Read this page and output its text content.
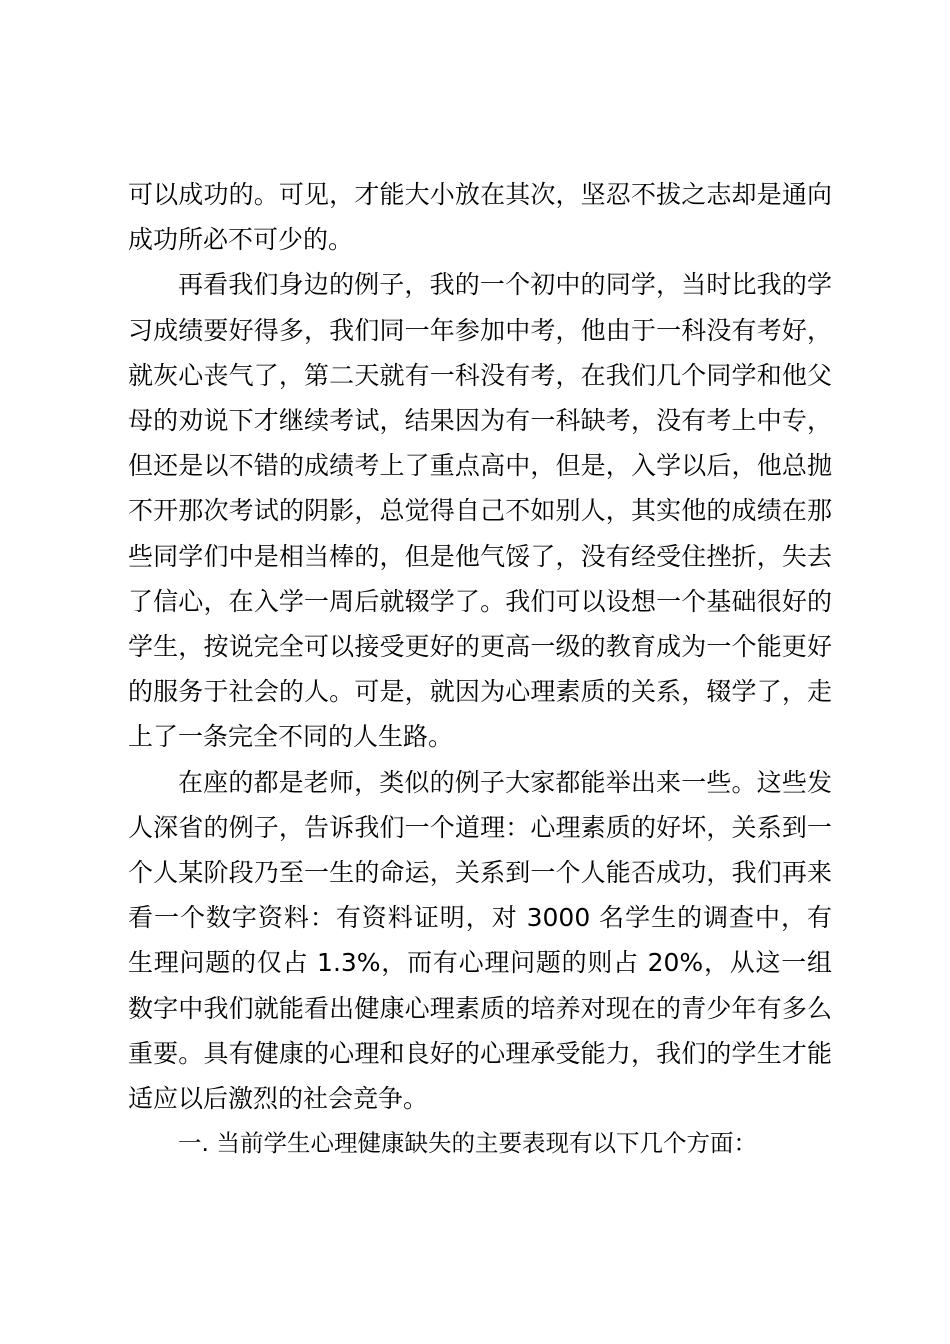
可以成功的。可见，才能大小放在其次，坚忍不拔之志却是通向成功所必不可少的。

再看我们身边的例子，我的一个初中的同学，当时比我的学习成绩要好得多，我们同一年参加中考，他由于一科没有考好，就灰心丧气了，第二天就有一科没有考，在我们几个同学和他父母的劝说下才继续考试，结果因为有一科缺考，没有考上中专，但还是以不错的成绩考上了重点高中，但是，入学以后，他总抛不开那次考试的阴影，总觉得自己不如别人，其实他的成绩在那些同学们中是相当棒的，但是他气馁了，没有经受住挫折，失去了信心，在入学一周后就辍学了。我们可以设想一个基础很好的学生，按说完全可以接受更好的更高一级的教育成为一个能更好的服务于社会的人。可是，就因为心理素质的关系，辍学了，走上了一条完全不同的人生路。

在座的都是老师，类似的例子大家都能举出来一些。这些发人深省的例子，告诉我们一个道理：心理素质的好坏，关系到一个人某阶段乃至一生的命运，关系到一个人能否成功，我们再来看一个数字资料：有资料证明，对 3000 名学生的调查中，有生理问题的仅占 1.3%，而有心理问题的则占 20%，从这一组数字中我们就能看出健康心理素质的培养对现在的青少年有多么重要。具有健康的心理和良好的心理承受能力，我们的学生才能适应以后激烈的社会竞争。

一. 当前学生心理健康缺失的主要表现有以下几个方面：
